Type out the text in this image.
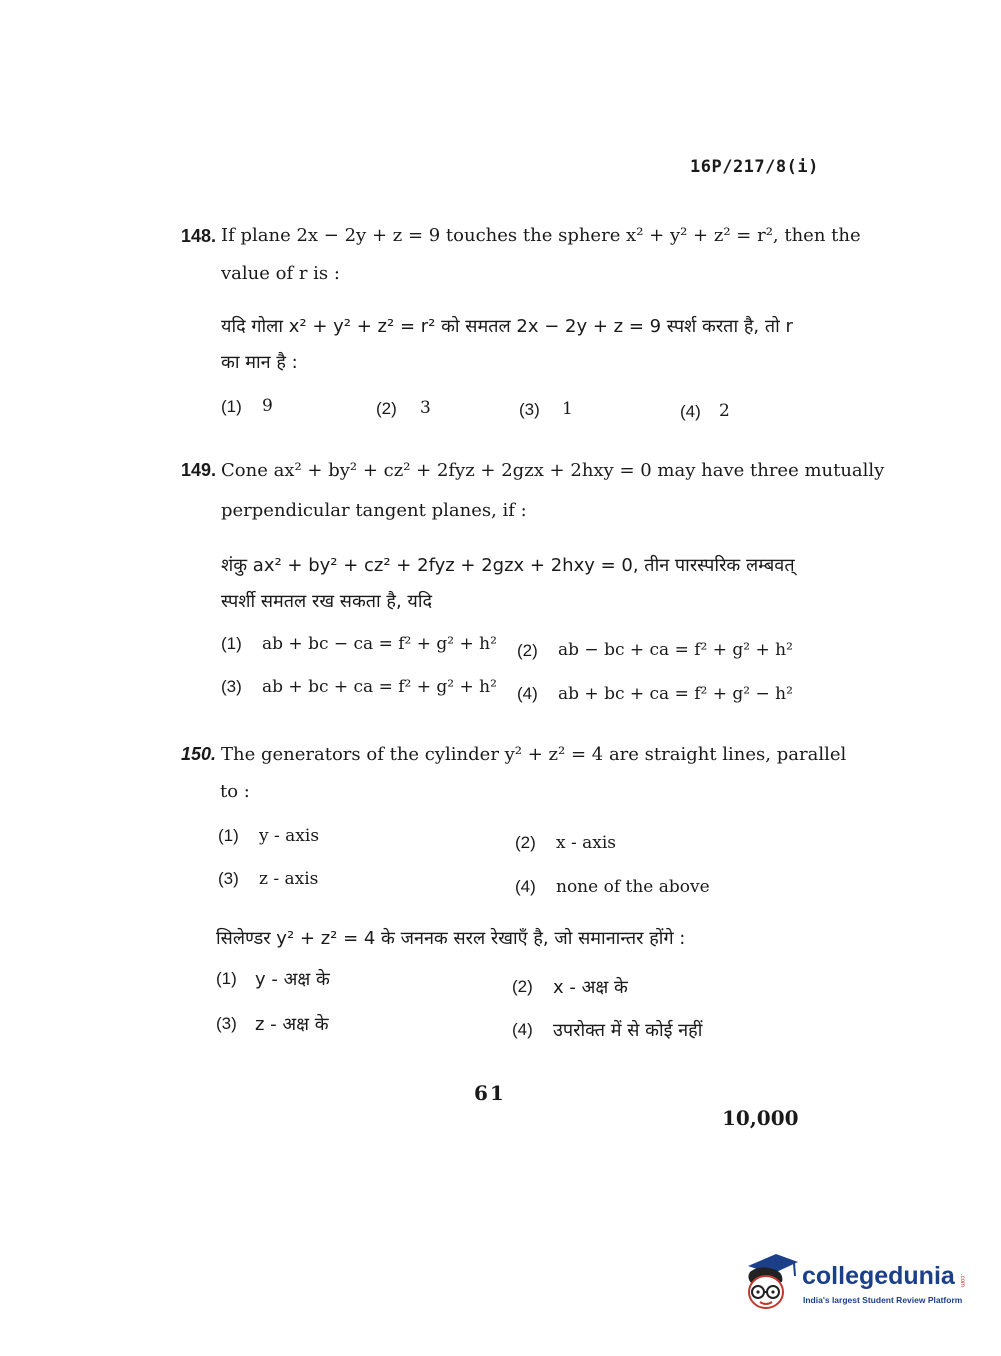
16P/217/8(i)
148. If plane 2x − 2y + z = 9 touches the sphere x² + y² + z² = r², then the
value of r is :
यदि गोला x² + y² + z² = r² को समतल 2x − 2y + z = 9 स्पर्श करता है, तो r
का मान है :
(1) 9	(2) 3	(3) 1	(4) 2
149. Cone ax² + by² + cz² + 2fyz + 2gzx + 2hxy = 0 may have three mutually
perpendicular tangent planes, if :
शंकु ax² + by² + cz² + 2fyz + 2gzx + 2hxy = 0, तीन पारस्परिक लम्बवत्
स्पर्शी समतल रख सकता है, यदि
(1) ab + bc − ca = f² + g² + h² (2) ab − bc + ca = f² + g² + h²
(3) ab + bc + ca = f² + g² + h² (4) ab + bc + ca = f² + g² − h²
150. The generators of the cylinder y² + z² = 4 are straight lines, parallel
to :
(1) y - axis	(2) x - axis
(3) z - axis	(4) none of the above
सिलेण्डर y² + z² = 4 के जननक सरल रेखाएँ है, जो समानान्तर होंगे :
(1) y - अक्ष के	(2) x - अक्ष के
(3) z - अक्ष के	(4) उपरोक्त में से कोई नहीं
61
10,000
collegedunia .com
India's largest Student Review Platform
